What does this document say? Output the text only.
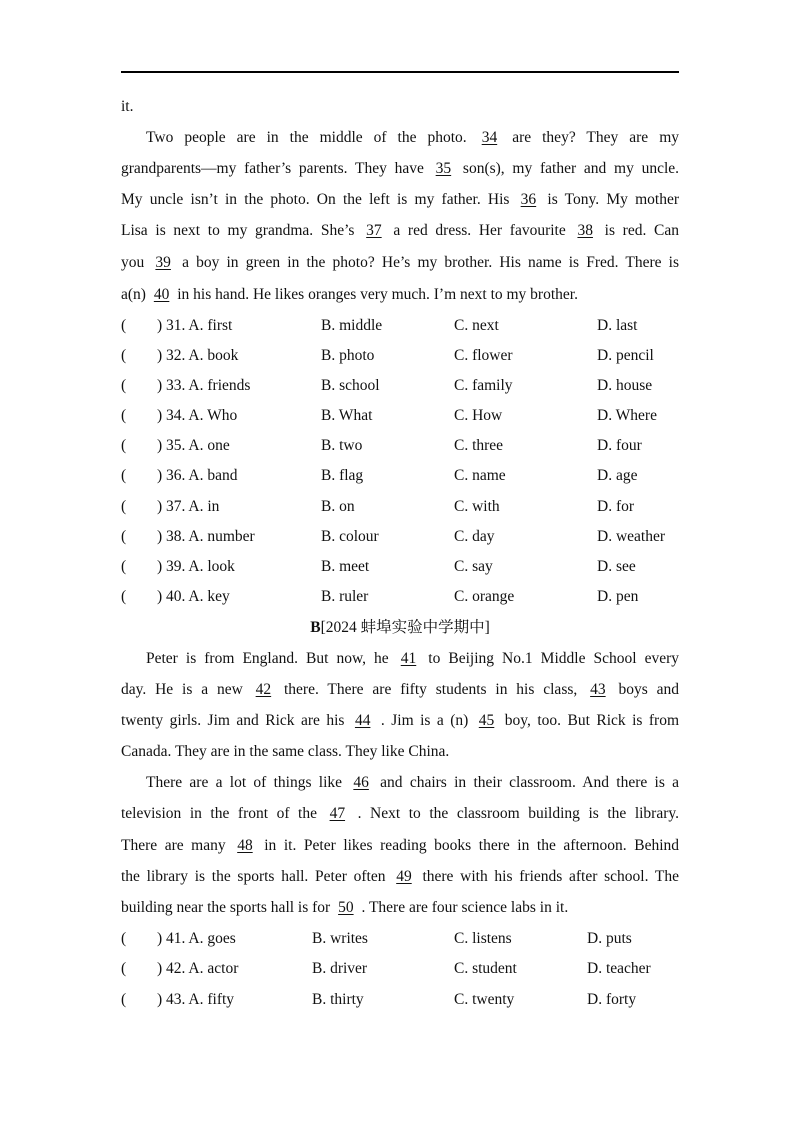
it.
Two people are in the middle of the photo. 34 are they? They are my
grandparents—my father’s parents. They have 35 son(s), my father and my uncle.
My uncle isn’t in the photo. On the left is my father. His 36 is Tony. My mother
Lisa is next to my grandma. She’s 37 a red dress. Her favourite 38 is red. Can
you 39 a boy in green in the photo? He’s my brother. His name is Fred. There is
a(n) 40 in his hand. He likes oranges very much. I’m next to my brother.
( ) 31. A. first	B. middle	C. next	D. last
( ) 32. A. book	B. photo	C. flower	D. pencil
( ) 33. A. friends	B. school	C. family	D. house
( ) 34. A. Who	B. What	C. How	D. Where
( ) 35. A. one	B. two	C. three	D. four
( ) 36. A. band	B. flag	C. name	D. age
( ) 37. A. in	B. on	C. with	D. for
( ) 38. A. number	B. colour	C. day	D. weather
( ) 39. A. look	B. meet	C. say	D. see
( ) 40. A. key	B. ruler	C. orange	D. pen
B[2024 蚌埠实验中学期中]
Peter is from England. But now, he 41 to Beijing No.1 Middle School every
day. He is a new 42 there. There are fifty students in his class, 43 boys and
twenty girls. Jim and Rick are his 44 . Jim is a (n) 45 boy, too. But Rick is from
Canada. They are in the same class. They like China.
There are a lot of things like 46 and chairs in their classroom. And there is a
television in the front of the 47 . Next to the classroom building is the library.
There are many 48 in it. Peter likes reading books there in the afternoon. Behind
the library is the sports hall. Peter often 49 there with his friends after school. The
building near the sports hall is for 50 . There are four science labs in it.
( ) 41. A. goes	B. writes	C. listens	D. puts
( ) 42. A. actor	B. driver	C. student	D. teacher
( ) 43. A. fifty	B. thirty	C. twenty	D. forty
